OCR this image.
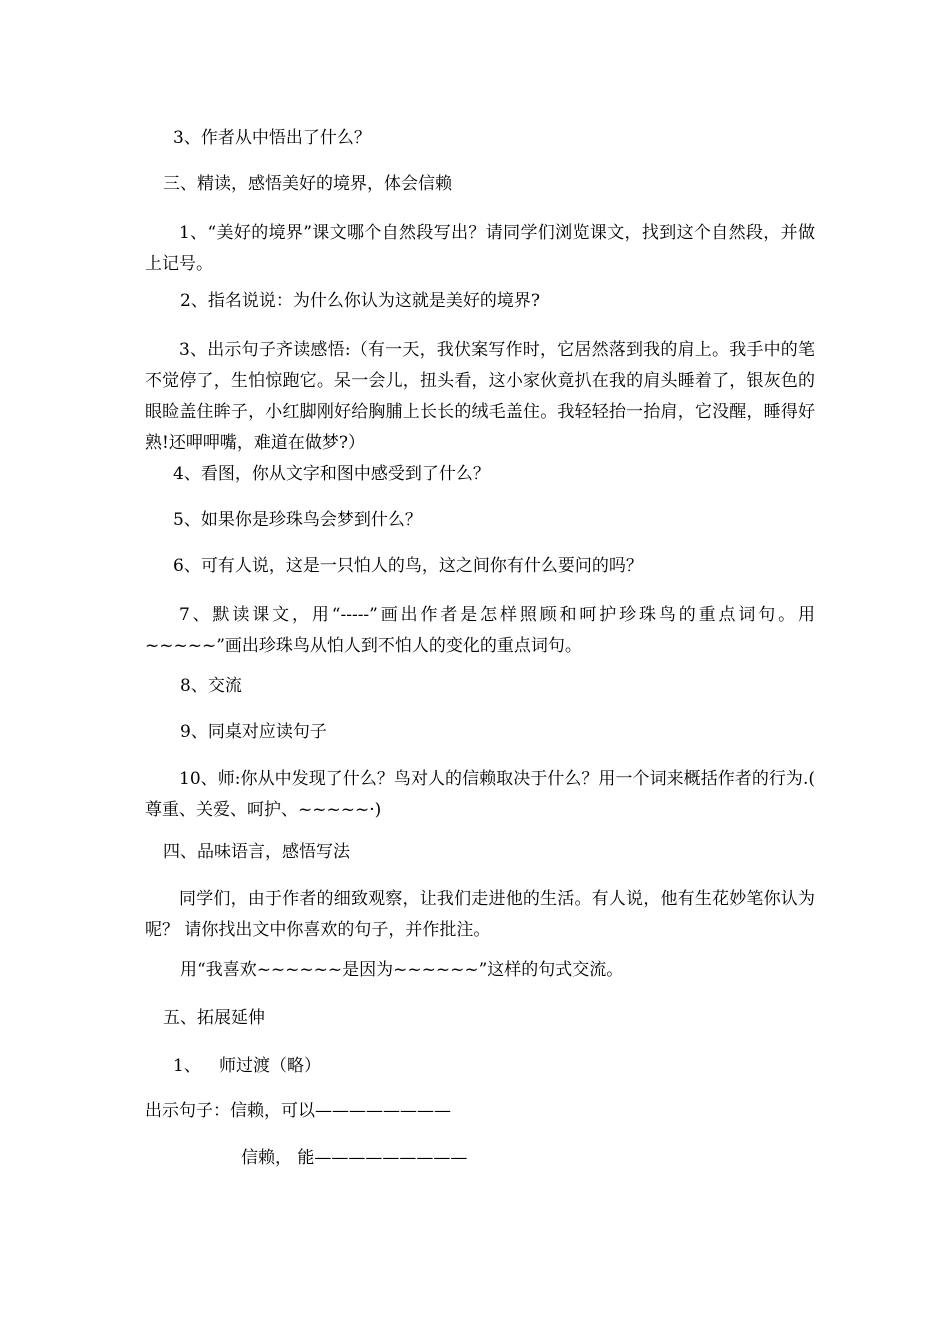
3、作者从中悟出了什么？
三、精读，感悟美好的境界，体会信赖
1、“美好的境界”课文哪个自然段写出？请同学们浏览课文，找到这个自然段，并做上记号。
2、指名说说：为什么你认为这就是美好的境界?
3、出示句子齐读感悟:（有一天，我伏案写作时，它居然落到我的肩上。我手中的笔不觉停了，生怕惊跑它。呆一会儿，扭头看，这小家伙竟扒在我的肩头睡着了，银灰色的眼睑盖住眸子，小红脚刚好给胸脯上长长的绒毛盖住。我轻轻抬一抬肩，它没醒，睡得好熟!还呷呷嘴，难道在做梦?）
4、看图，你从文字和图中感受到了什么？
5、如果你是珍珠鸟会梦到什么？
6、可有人说，这是一只怕人的鸟，这之间你有什么要问的吗？
7、默读课文，用“-----”画出作者是怎样照顾和呵护珍珠鸟的重点词句。用~~~~~”画出珍珠鸟从怕人到不怕人的变化的重点词句。
8、交流
9、同桌对应读句子
10、师:你从中发现了什么？鸟对人的信赖取决于什么？用一个词来概括作者的行为.( 尊重、关爱、呵护、~~~~~·)
四、品味语言，感悟写法
同学们，由于作者的细致观察，让我们走进他的生活。有人说，他有生花妙笔你认为呢？ 请你找出文中你喜欢的句子，并作批注。
用“我喜欢~~~~~~是因为~~~~~~”这样的句式交流。
五、拓展延伸
1、 师过渡（略）
出示句子：信赖，可以————————
信赖， 能—————————
